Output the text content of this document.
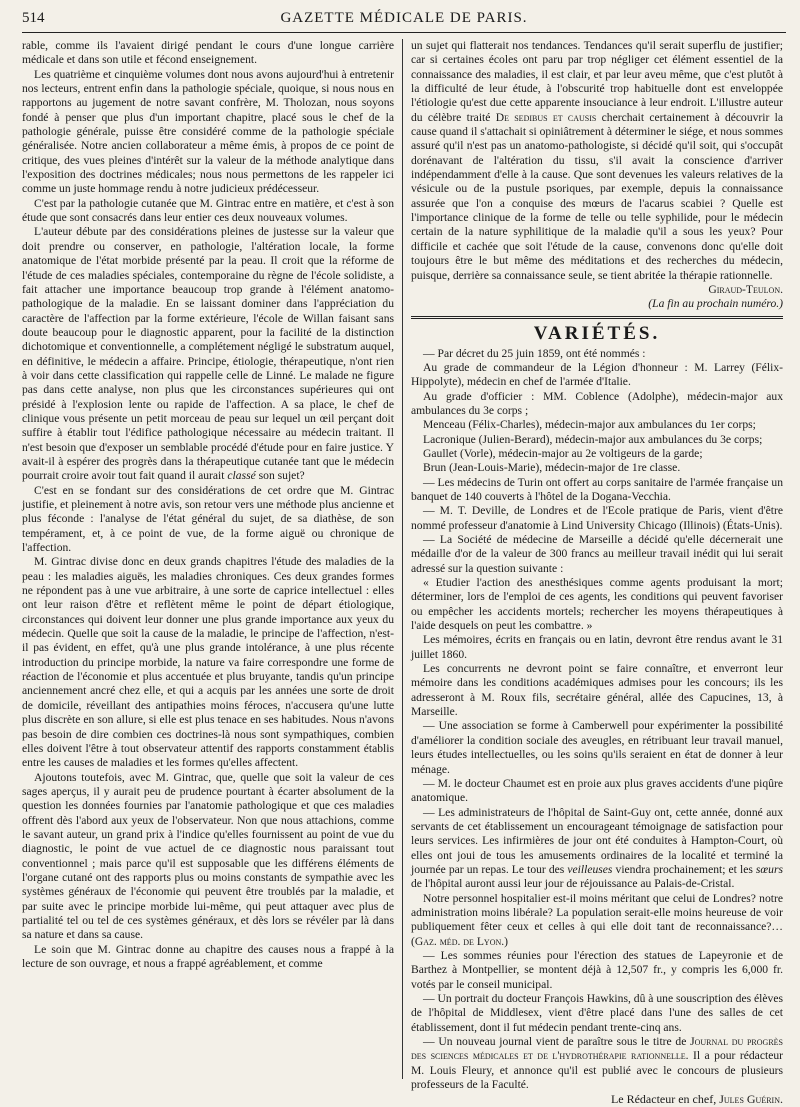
514	GAZETTE MÉDICALE DE PARIS.

rable, comme ils l'avaient dirigé pendant le cours d'une longue carrière médicale et dans son utile et fécond enseignement.

Les quatrième et cinquième volumes dont nous avons aujourd'hui à entretenir nos lecteurs, entrent enfin dans la pathologie spéciale, quoique, si nous nous en rapportons au jugement de notre savant confrère, M. Tholozan, nous soyons fondé à penser que plus d'un important chapitre, placé sous le chef de la pathologie générale, puisse être considéré comme de la pathologie spéciale généralisée. Notre ancien collaborateur a même émis, à propos de ce point de critique, des vues pleines d'intérêt sur la valeur de la méthode analytique dans l'exposition des doctrines médicales; nous nous permettons de les rappeler ici comme un juste hommage rendu à notre judicieux prédécesseur.

C'est par la pathologie cutanée que M. Gintrac entre en matière, et c'est à son étude que sont consacrés dans leur entier ces deux nouveaux volumes.

L'auteur débute par des considérations pleines de justesse sur la valeur que doit prendre ou conserver, en pathologie, l'altération locale, la forme anatomique de l'état morbide présenté par la peau. Il croit que la réforme de l'étude de ces maladies spéciales, contemporaine du règne de l'école solidiste, a fait attacher une importance beaucoup trop grande à l'élément anatomo-pathologique de la maladie. En se laissant dominer dans l'appréciation du caractère de l'affection par la forme extérieure, l'école de Willan faisant sans doute beaucoup pour le diagnostic apparent, pour la facilité de la distinction dichotomique et conventionnelle, a complétement négligé le substratum auquel, en définitive, le médecin a affaire. Principe, étiologie, thérapeutique, n'ont rien à voir dans cette classification qui rappelle celle de Linné. Le malade ne figure pas dans cette analyse, non plus que les circonstances supérieures qui ont présidé à l'explosion lente ou rapide de l'affection. A sa place, le chef de clinique vous présente un petit morceau de peau sur lequel un œil perçant doit suffire à établir tout l'édifice pathologique nécessaire au médecin traitant. Il n'est besoin que d'exposer un semblable procédé d'étude pour en faire justice. Y avait-il à espérer des progrès dans la thérapeutique cutanée tant que le médecin pourrait croire avoir tout fait quand il aurait classé son sujet?

C'est en se fondant sur des considérations de cet ordre que M. Gintrac justifie, et pleinement à notre avis, son retour vers une méthode plus ancienne et plus féconde : l'analyse de l'état général du sujet, de sa diathèse, de son tempérament, et, à ce point de vue, de la forme aiguë ou chronique de l'affection.

M. Gintrac divise donc en deux grands chapitres l'étude des maladies de la peau : les maladies aiguës, les maladies chroniques. Ces deux grandes formes ne répondent pas à une vue arbitraire, à une sorte de caprice intellectuel : elles ont leur raison d'être et reflètent même le point de départ étiologique, circonstances qui doivent leur donner une plus grande importance aux yeux du médecin. Quelle que soit la cause de la maladie, le principe de l'affection, n'est-il pas évident, en effet, qu'à une plus grande intolérance, à une plus récente introduction du principe morbide, la nature va faire correspondre une forme de réaction de l'économie et plus accentuée et plus bruyante, tandis qu'un principe anciennement ancré chez elle, et qui a acquis par les années une sorte de droit de domicile, réveillant des antipathies moins féroces, n'accusera qu'une lutte plus discrète en son allure, si elle est plus tenace en ses habitudes. Nous n'avons pas besoin de dire combien ces doctrines-là nous sont sympathiques, combien elles doivent l'être à tout observateur attentif des rapports constamment établis entre les causes de maladies et les formes qu'elles affectent.

Ajoutons toutefois, avec M. Gintrac, que, quelle que soit la valeur de ces sages aperçus, il y aurait peu de prudence pourtant à écarter absolument de la question les données fournies par l'anatomie pathologique et que ces maladies offrent dès l'abord aux yeux de l'observateur. Non que nous attachions, comme le savant auteur, un grand prix à l'indice qu'elles fournissent au point de vue du diagnostic, le point de vue actuel de ce diagnostic nous paraissant tout conventionnel ; mais parce qu'il est supposable que les différens éléments de l'organe cutané ont des rapports plus ou moins constants de sympathie avec les systèmes généraux de l'économie qui peuvent être troublés par la maladie, et par suite avec le principe morbide lui-même, qui peut attaquer avec plus de partialité tel ou tel de ces systèmes généraux, et dès lors se révéler par là dans sa nature et dans sa cause.

Le soin que M. Gintrac donne au chapitre des causes nous a frappé à la lecture de son ouvrage, et nous a frappé agréablement, et comme

un sujet qui flatterait nos tendances. Tendances qu'il serait superflu de justifier; car si certaines écoles ont paru par trop négliger cet élément essentiel de la connaissance des maladies, il est clair, et par leur aveu même, que c'est plutôt à la difficulté de leur étude, à l'obscurité trop habituelle dont est enveloppée l'étiologie qu'est due cette apparente insouciance à leur endroit. L'illustre auteur du célèbre traité De sedibus et causis cherchait certainement à découvrir la cause quand il s'attachait si opiniâtrement à déterminer le siége, et nous sommes assuré qu'il n'est pas un anatomo-pathologiste, si décidé qu'il soit, qui s'occupât dorénavant de l'altération du tissu, s'il avait la conscience d'arriver indépendamment d'elle à la cause. Que sont devenues les valeurs relatives de la vésicule ou de la pustule psoriques, par exemple, depuis la connaissance assurée que l'on a conquise des mœurs de l'acarus scabiei ? Quelle est l'importance clinique de la forme de telle ou telle syphilide, pour le médecin certain de la nature syphilitique de la maladie qu'il a sous les yeux? Pour difficile et cachée que soit l'étude de la cause, convenons donc qu'elle doit toujours être le but même des méditations et des recherches du médecin, puisque, derrière sa connaissance seule, se tient abritée la thérapie rationnelle.

Giraud-Teulon.

(La fin au prochain numéro.)

VARIÉTÉS.

— Par décret du 25 juin 1859, ont été nommés :

Au grade de commandeur de la Légion d'honneur : M. Larrey (Félix-Hippolyte), médecin en chef de l'armée d'Italie.

Au grade d'officier : MM. Coblence (Adolphe), médecin-major aux ambulances du 3e corps ;

Menceau (Félix-Charles), médecin-major aux ambulances du 1er corps;

Lacronique (Julien-Berard), médecin-major aux ambulances du 3e corps;

Gaullet (Vorle), médecin-major au 2e voltigeurs de la garde;

Brun (Jean-Louis-Marie), médecin-major de 1re classe.

— Les médecins de Turin ont offert au corps sanitaire de l'armée française un banquet de 140 couverts à l'hôtel de la Dogana-Vecchia.

— M. T. Deville, de Londres et de l'Ecole pratique de Paris, vient d'être nommé professeur d'anatomie à Lind University Chicago (Illinois) (États-Unis).

— La Société de médecine de Marseille a décidé qu'elle décernerait une médaille d'or de la valeur de 300 francs au meilleur travail inédit qui lui serait adressé sur la question suivante :

« Etudier l'action des anesthésiques comme agents produisant la mort; déterminer, lors de l'emploi de ces agents, les conditions qui peuvent favoriser ou empêcher les accidents mortels; rechercher les moyens thérapeutiques à l'aide desquels on peut les combattre. »

Les mémoires, écrits en français ou en latin, devront être rendus avant le 31 juillet 1860.

Les concurrents ne devront point se faire connaître, et enverront leur mémoire dans les conditions académiques admises pour les concours; ils les adresseront à M. Roux fils, secrétaire général, allée des Capucines, 13, à Marseille.

— Une association se forme à Camberwell pour expérimenter la possibilité d'améliorer la condition sociale des aveugles, en rétribuant leur travail manuel, leurs études intellectuelles, ou les soins qu'ils seraient en état de donner à leur ménage.

— M. le docteur Chaumet est en proie aux plus graves accidents d'une piqûre anatomique.

— Les administrateurs de l'hôpital de Saint-Guy ont, cette année, donné aux servants de cet établissement un encourageant témoignage de satisfaction pour leurs services. Les infirmières de jour ont été conduites à Hampton-Court, où elles ont joui de tous les amusements ordinaires de la localité et terminé la journée par un repas. Le tour des veilleuses viendra prochainement; et les sœurs de l'hôpital auront aussi leur jour de réjouissance au Palais-de-Cristal.

Notre personnel hospitalier est-il moins méritant que celui de Londres? notre administration moins libérale? La population serait-elle moins heureuse de voir publiquement fêter ceux et celles à qui elle doit tant de reconnaissance?… (Gaz. méd. de Lyon.)

— Les sommes réunies pour l'érection des statues de Lapeyronie et de Barthez à Montpellier, se montent déjà à 12,507 fr., y compris les 6,000 fr. votés par le conseil municipal.

— Un portrait du docteur François Hawkins, dû à une souscription des élèves de l'hôpital de Middlesex, vient d'être placé dans l'une des salles de cet établissement, dont il fut médecin pendant trente-cinq ans.

— Un nouveau journal vient de paraître sous le titre de Journal du progrès des sciences médicales et de l'hydrothérapie rationnelle. Il a pour rédacteur M. Louis Fleury, et annonce qu'il est publié avec le concours de plusieurs professeurs de la Faculté.

Le Rédacteur en chef, Jules Guérin.
